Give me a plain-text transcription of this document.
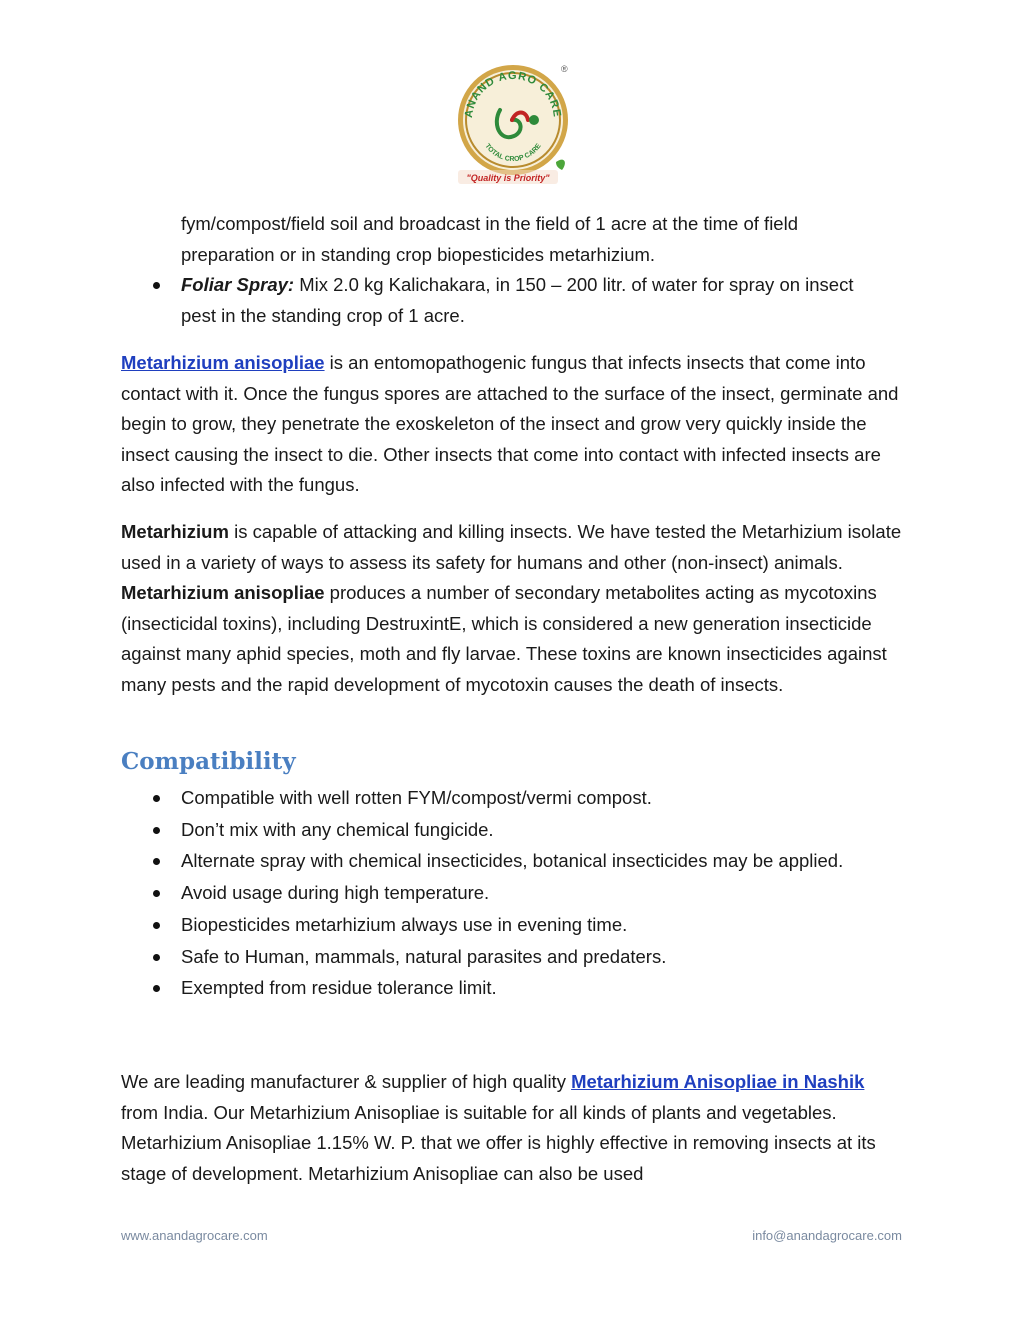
ANAND AGRO CARE
TOTAL CROP CARE
®
"Quality is Priority"

fym/compost/field soil and broadcast in the field of 1 acre at the time of field

preparation or in standing crop biopesticides metarhizium.

Foliar Spray: Mix 2.0 kg Kalichakara, in 150 – 200 litr. of water for spray on insect
pest in the standing crop of 1 acre.

Metarhizium anisopliae is an entomopathogenic fungus that infects insects that come into contact with it. Once the fungus spores are attached to the surface of the insect, germinate and begin to grow, they penetrate the exoskeleton of the insect and grow very quickly inside the insect causing the insect to die. Other insects that come into contact with infected insects are also infected with the fungus.

Metarhizium is capable of attacking and killing insects. We have tested the Metarhizium isolate used in a variety of ways to assess its safety for humans and other (non-insect) animals. Metarhizium anisopliae produces a number of secondary metabolites acting as mycotoxins (insecticidal toxins), including DestruxintE, which is considered a new generation insecticide against many aphid species, moth and fly larvae. These toxins are known insecticides against many pests and the rapid development of mycotoxin causes the death of insects.

Compatibility
Compatible with well rotten FYM/compost/vermi compost.
Don’t mix with any chemical fungicide.
Alternate spray with chemical insecticides, botanical insecticides may be applied.
Avoid usage during high temperature.
Biopesticides metarhizium always use in evening time.
Safe to Human, mammals, natural parasites and predaters.
Exempted from residue tolerance limit.

We are leading manufacturer & supplier of high quality Metarhizium Anisopliae in Nashik from India. Our Metarhizium Anisopliae is suitable for all kinds of plants and vegetables. Metarhizium Anisopliae 1.15% W. P. that we offer is highly effective in removing insects at its stage of development. Metarhizium Anisopliae can also be used

www.anandagrocare.com	info@anandagrocare.com
